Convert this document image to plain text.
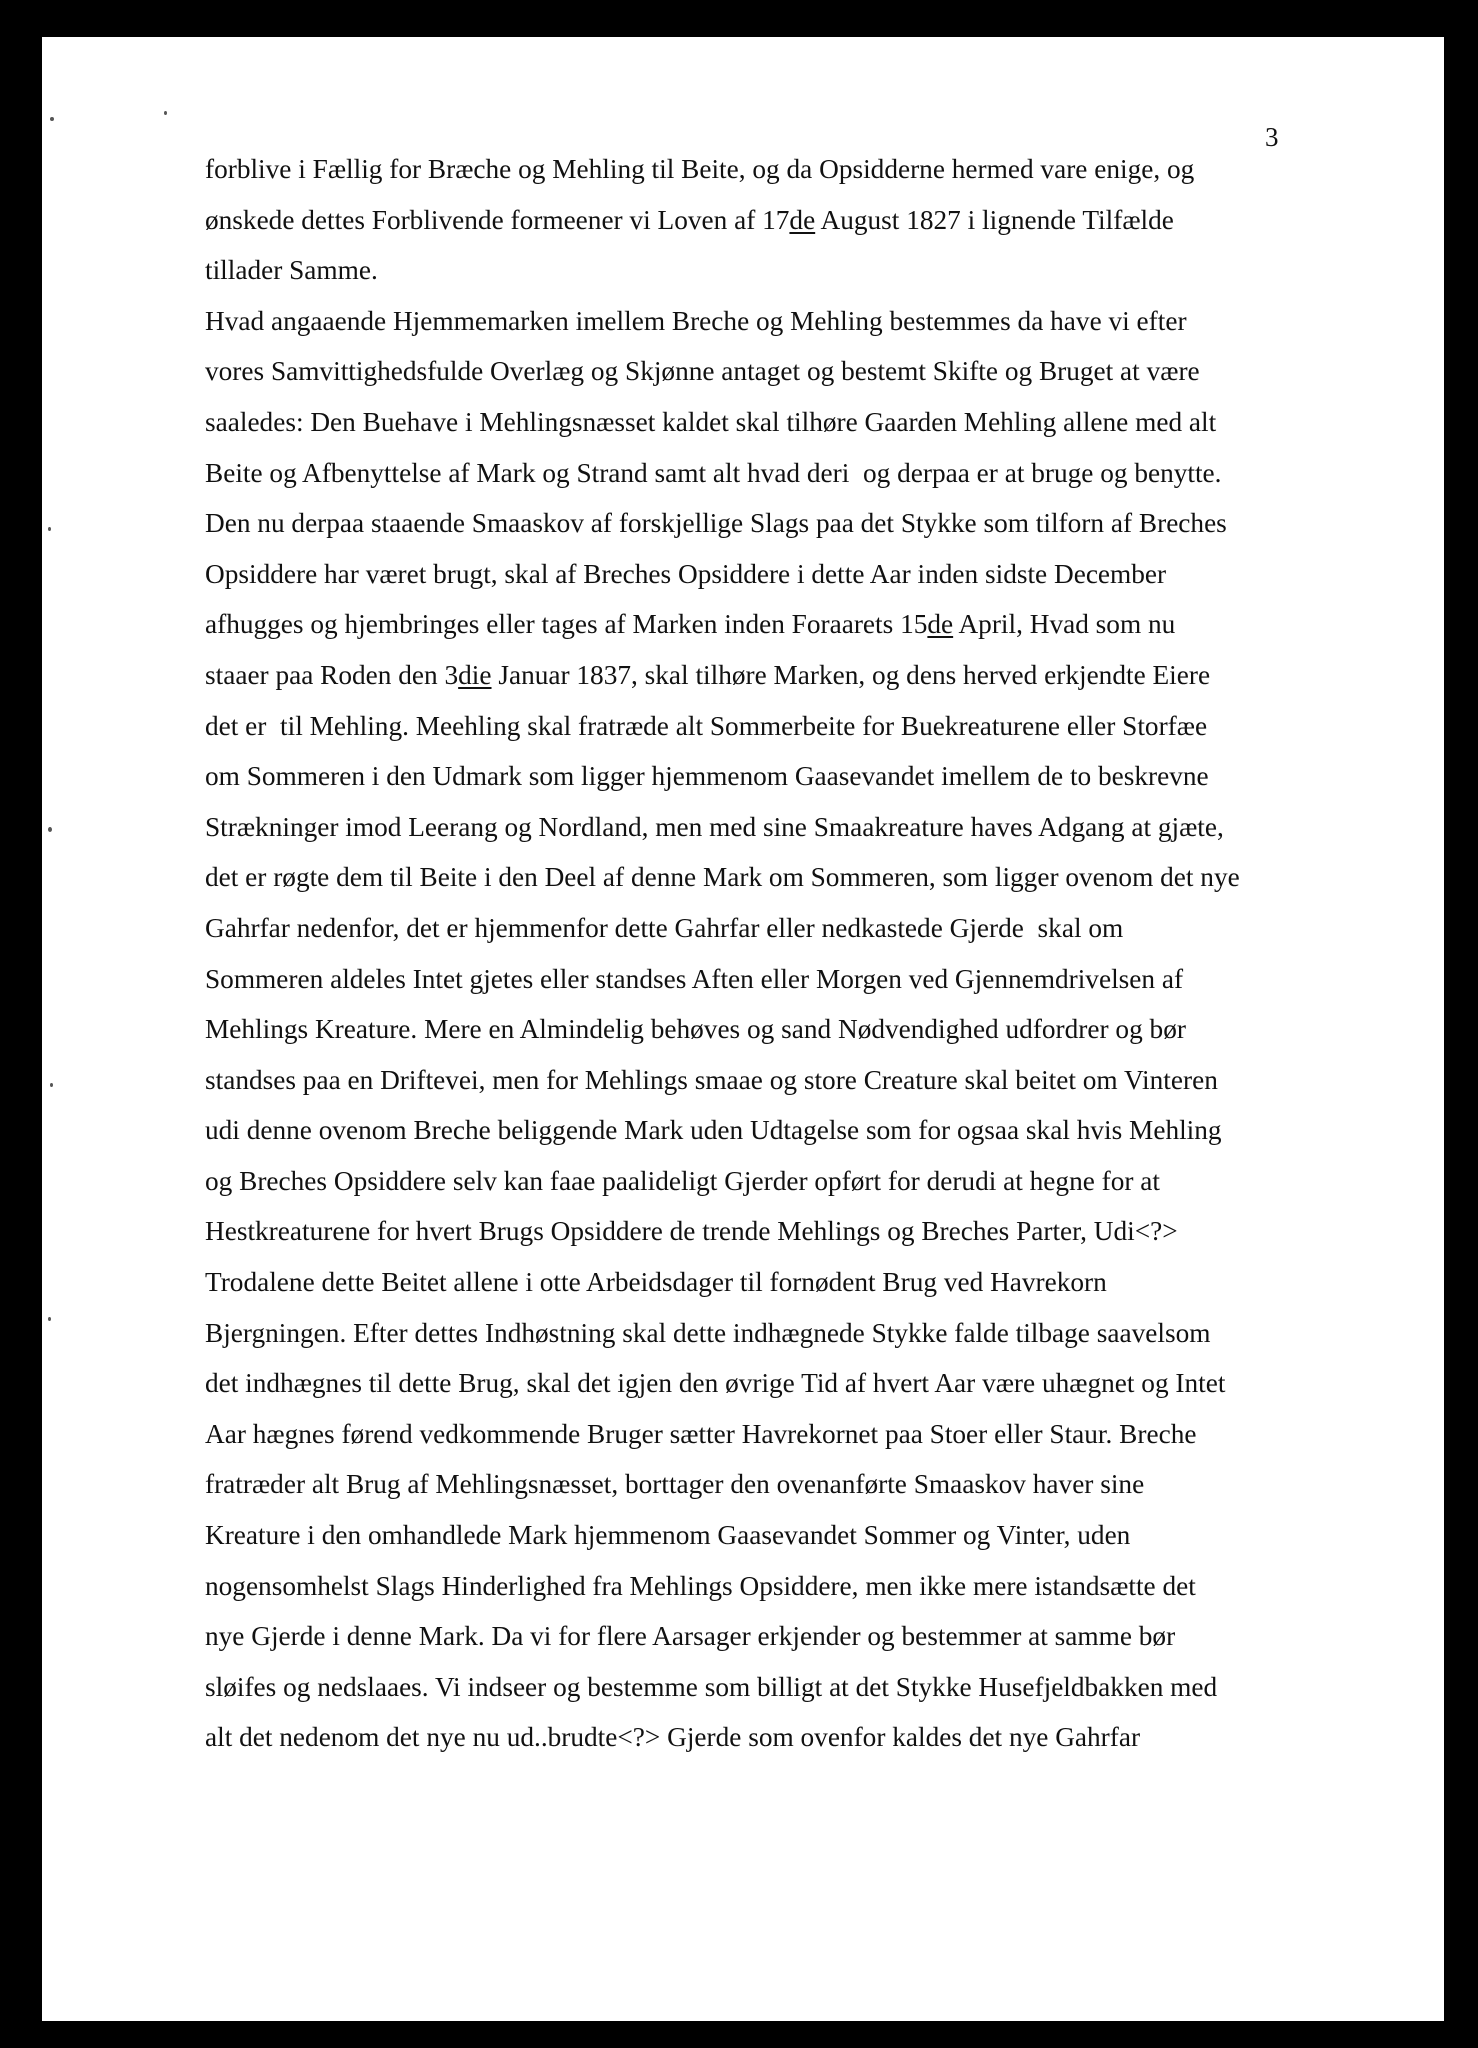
3

forblive i Fællig for Bræche og Mehling til Beite, og da Opsidderne hermed vare enige, og

ønskede dettes Forblivende formeener vi Loven af 17de August 1827 i lignende Tilfælde

tillader Samme.

Hvad angaaende Hjemmemarken imellem Breche og Mehling bestemmes da have vi efter

vores Samvittighedsfulde Overlæg og Skjønne antaget og bestemt Skifte og Bruget at være

saaledes: Den Buehave i Mehlingsnæsset kaldet skal tilhøre Gaarden Mehling allene med alt

Beite og Afbenyttelse af Mark og Strand samt alt hvad deri  og derpaa er at bruge og benytte.

Den nu derpaa staaende Smaaskov af forskjellige Slags paa det Stykke som tilforn af Breches

Opsiddere har været brugt, skal af Breches Opsiddere i dette Aar inden sidste December

afhugges og hjembringes eller tages af Marken inden Foraarets 15de April, Hvad som nu

staaer paa Roden den 3die Januar 1837, skal tilhøre Marken, og dens herved erkjendte Eiere

det er  til Mehling. Meehling skal fratræde alt Sommerbeite for Buekreaturene eller Storfæe

om Sommeren i den Udmark som ligger hjemmenom Gaasevandet imellem de to beskrevne

Strækninger imod Leerang og Nordland, men med sine Smaakreature haves Adgang at gjæte,

det er røgte dem til Beite i den Deel af denne Mark om Sommeren, som ligger ovenom det nye

Gahrfar nedenfor, det er hjemmenfor dette Gahrfar eller nedkastede Gjerde  skal om

Sommeren aldeles Intet gjetes eller standses Aften eller Morgen ved Gjennemdrivelsen af

Mehlings Kreature. Mere en Almindelig behøves og sand Nødvendighed udfordrer og bør

standses paa en Driftevei, men for Mehlings smaae og store Creature skal beitet om Vinteren

udi denne ovenom Breche beliggende Mark uden Udtagelse som for ogsaa skal hvis Mehling

og Breches Opsiddere selv kan faae paalideligt Gjerder opført for derudi at hegne for at

Hestkreaturene for hvert Brugs Opsiddere de trende Mehlings og Breches Parter, Udi<?>

Trodalene dette Beitet allene i otte Arbeidsdager til fornødent Brug ved Havrekorn

Bjergningen. Efter dettes Indhøstning skal dette indhægnede Stykke falde tilbage saavelsom

det indhægnes til dette Brug, skal det igjen den øvrige Tid af hvert Aar være uhægnet og Intet

Aar hægnes førend vedkommende Bruger sætter Havrekornet paa Stoer eller Staur. Breche

fratræder alt Brug af Mehlingsnæsset, borttager den ovenanførte Smaaskov haver sine

Kreature i den omhandlede Mark hjemmenom Gaasevandet Sommer og Vinter, uden

nogensomhelst Slags Hinderlighed fra Mehlings Opsiddere, men ikke mere istandsætte det

nye Gjerde i denne Mark. Da vi for flere Aarsager erkjender og bestemmer at samme bør

sløifes og nedslaaes. Vi indseer og bestemme som billigt at det Stykke Husefjeldbakken med

alt det nedenom det nye nu ud..brudte<?> Gjerde som ovenfor kaldes det nye Gahrfar
